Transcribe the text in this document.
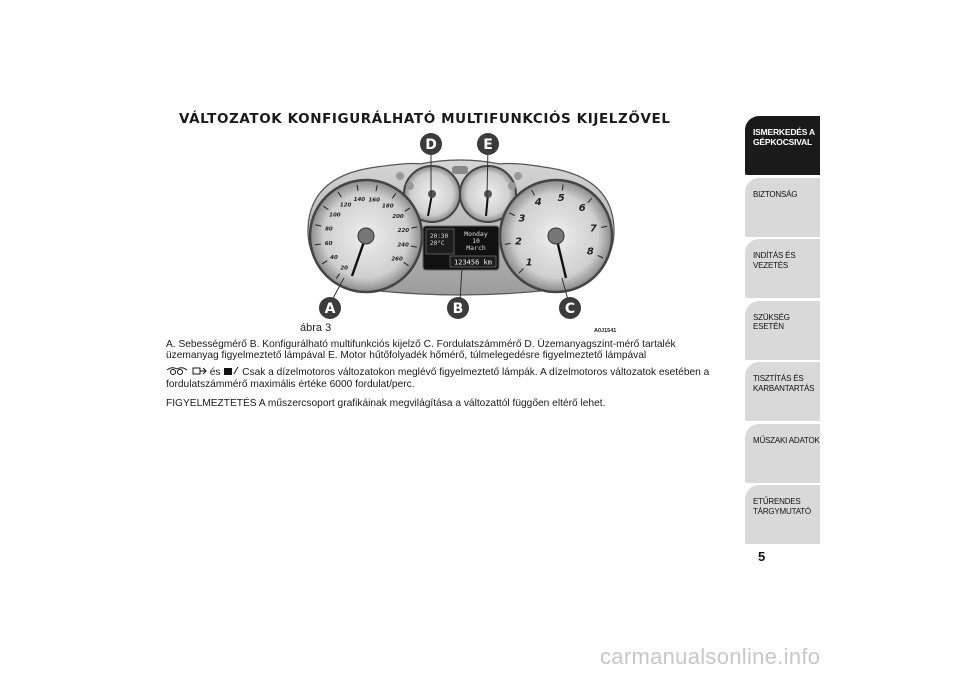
VÁLTOZATOK KONFIGURÁLHATÓ MULTIFUNKCIÓS KIJELZŐVEL
20
40
60
80
100
120
140 160
180
200
220
240
260	1
2
3
4 5
6
7
8
20:30
20°C
Monday
10
March
123456 km
D	E
A	B	C
ábra 3	A0J1541
A. Sebességmérő B. Konfigurálható multifunkciós kijelző C. Fordulatszámmérő D. Üzemanyagszint-mérő tartalék üzemanyag figyelmeztető lámpával E. Motor hűtőfolyadék hőmérő, túlmelegedésre figyelmeztető lámpával
és Csak a dízelmotoros változatokon meglévő figyelmeztető lámpák. A dízelmotoros változatok esetében a fordulatszámmérő maximális értéke 6000 fordulat/perc.
FIGYELMEZTETÉS A műszercsoport grafikáinak megvilágítása a változattól függően eltérő lehet.
ISMERKEDÉS A
GÉPKOCSIVAL
BIZTONSÁG
INDÍTÁS ÉS VEZETÉS
SZÜKSÉG ESETÉN
TISZTÍTÁS ÉS
KARBANTARTÁS
MŰSZAKI ADATOK
ETŰRENDES
TÁRGYMUTATÓ
5
carmanualsonline.info
